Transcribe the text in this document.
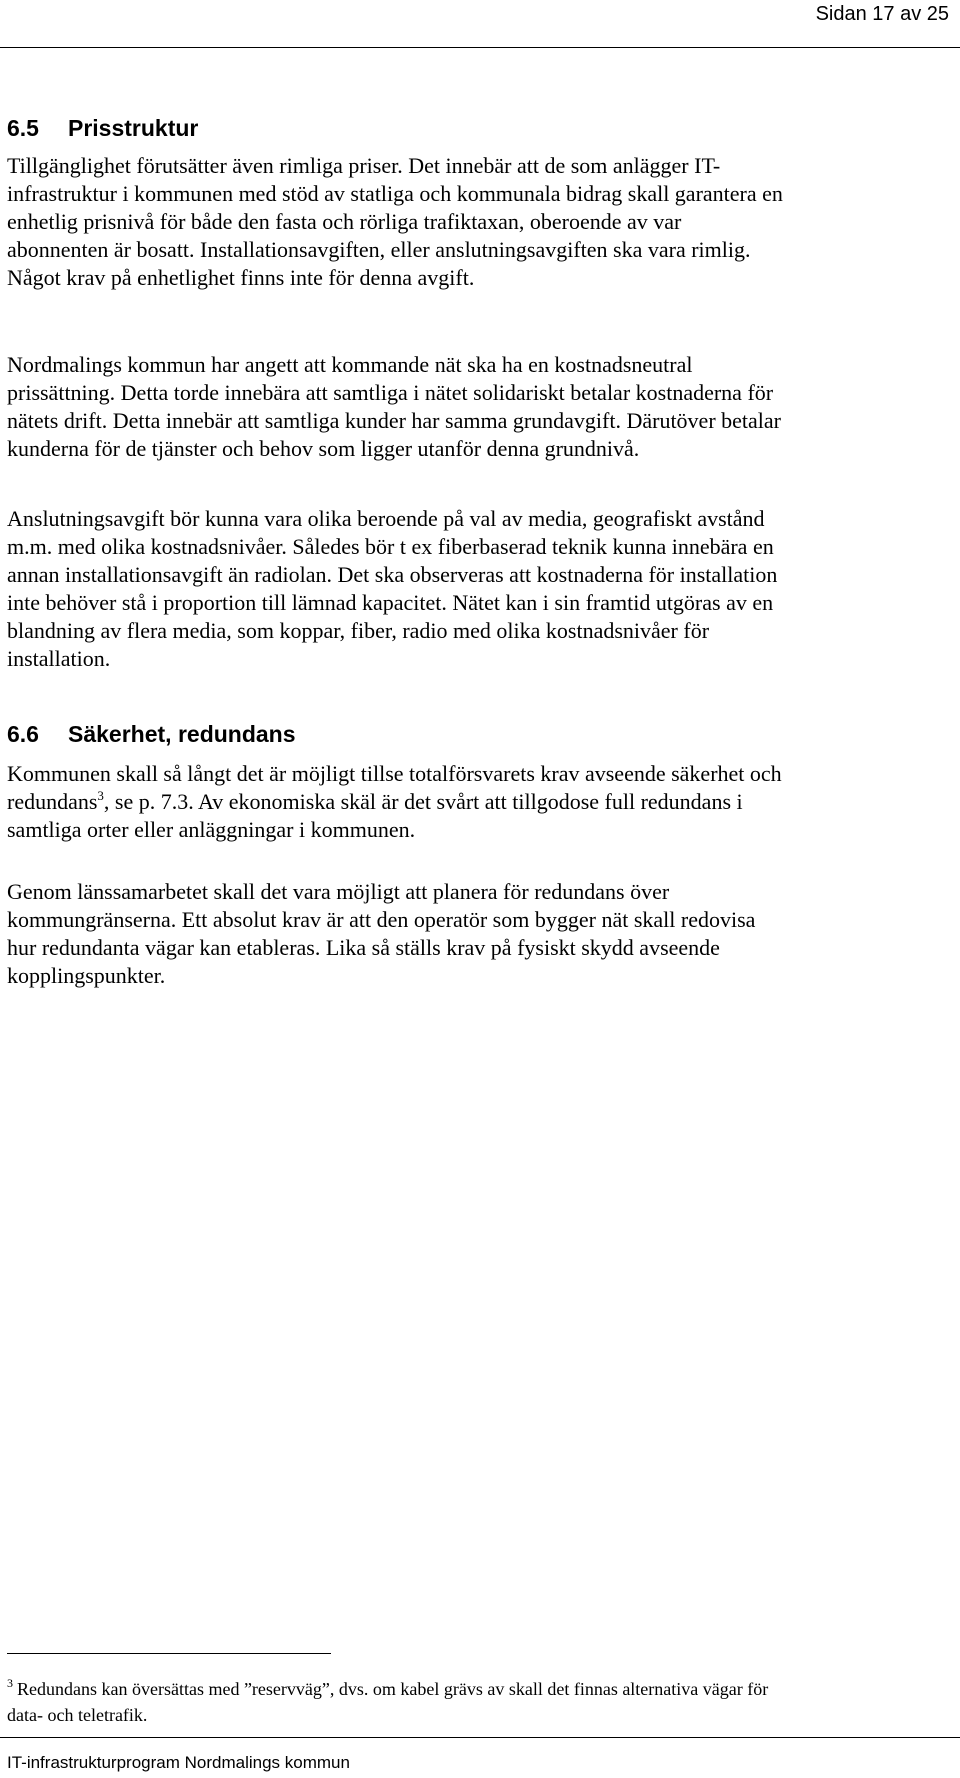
Sidan 17 av 25
6.5 Prisstruktur

Tillgänglighet förutsätter även rimliga priser. Det innebär att de som anlägger IT-
infrastruktur i kommunen med stöd av statliga och kommunala bidrag skall garantera en
enhetlig prisnivå för både den fasta och rörliga trafiktaxan, oberoende av var
abonnenten är bosatt. Installationsavgiften, eller anslutningsavgiften ska vara rimlig.
Något krav på enhetlighet finns inte för denna avgift.

Nordmalings kommun har angett att kommande nät ska ha en kostnadsneutral
prissättning. Detta torde innebära att samtliga i nätet solidariskt betalar kostnaderna för
nätets drift. Detta innebär att samtliga kunder har samma grundavgift. Därutöver betalar
kunderna för de tjänster och behov som ligger utanför denna grundnivå.

Anslutningsavgift bör kunna vara olika beroende på val av media, geografiskt avstånd
m.m. med olika kostnadsnivåer. Således bör t ex fiberbaserad teknik kunna innebära en
annan installationsavgift än radiolan. Det ska observeras att kostnaderna för installation
inte behöver stå i proportion till lämnad kapacitet. Nätet kan i sin framtid utgöras av en
blandning av flera media, som koppar, fiber, radio med olika kostnadsnivåer för
installation.

6.6 Säkerhet, redundans

Kommunen skall så långt det är möjligt tillse totalförsvarets krav avseende säkerhet och
redundans$^3$, se p. 7.3. Av ekonomiska skäl är det svårt att tillgodose full redundans i
samtliga orter eller anläggningar i kommunen.

Genom länssamarbetet skall det vara möjligt att planera för redundans över
kommungränserna. Ett absolut krav är att den operatör som bygger nät skall redovisa
hur redundanta vägar kan etableras. Lika så ställs krav på fysiskt skydd avseende
kopplingspunkter.

$^3$ Redundans kan översättas med ”reservväg”, dvs. om kabel grävs av skall det finnas alternativa vägar för
data- och teletrafik.

IT-infrastrukturprogram Nordmalings kommun
